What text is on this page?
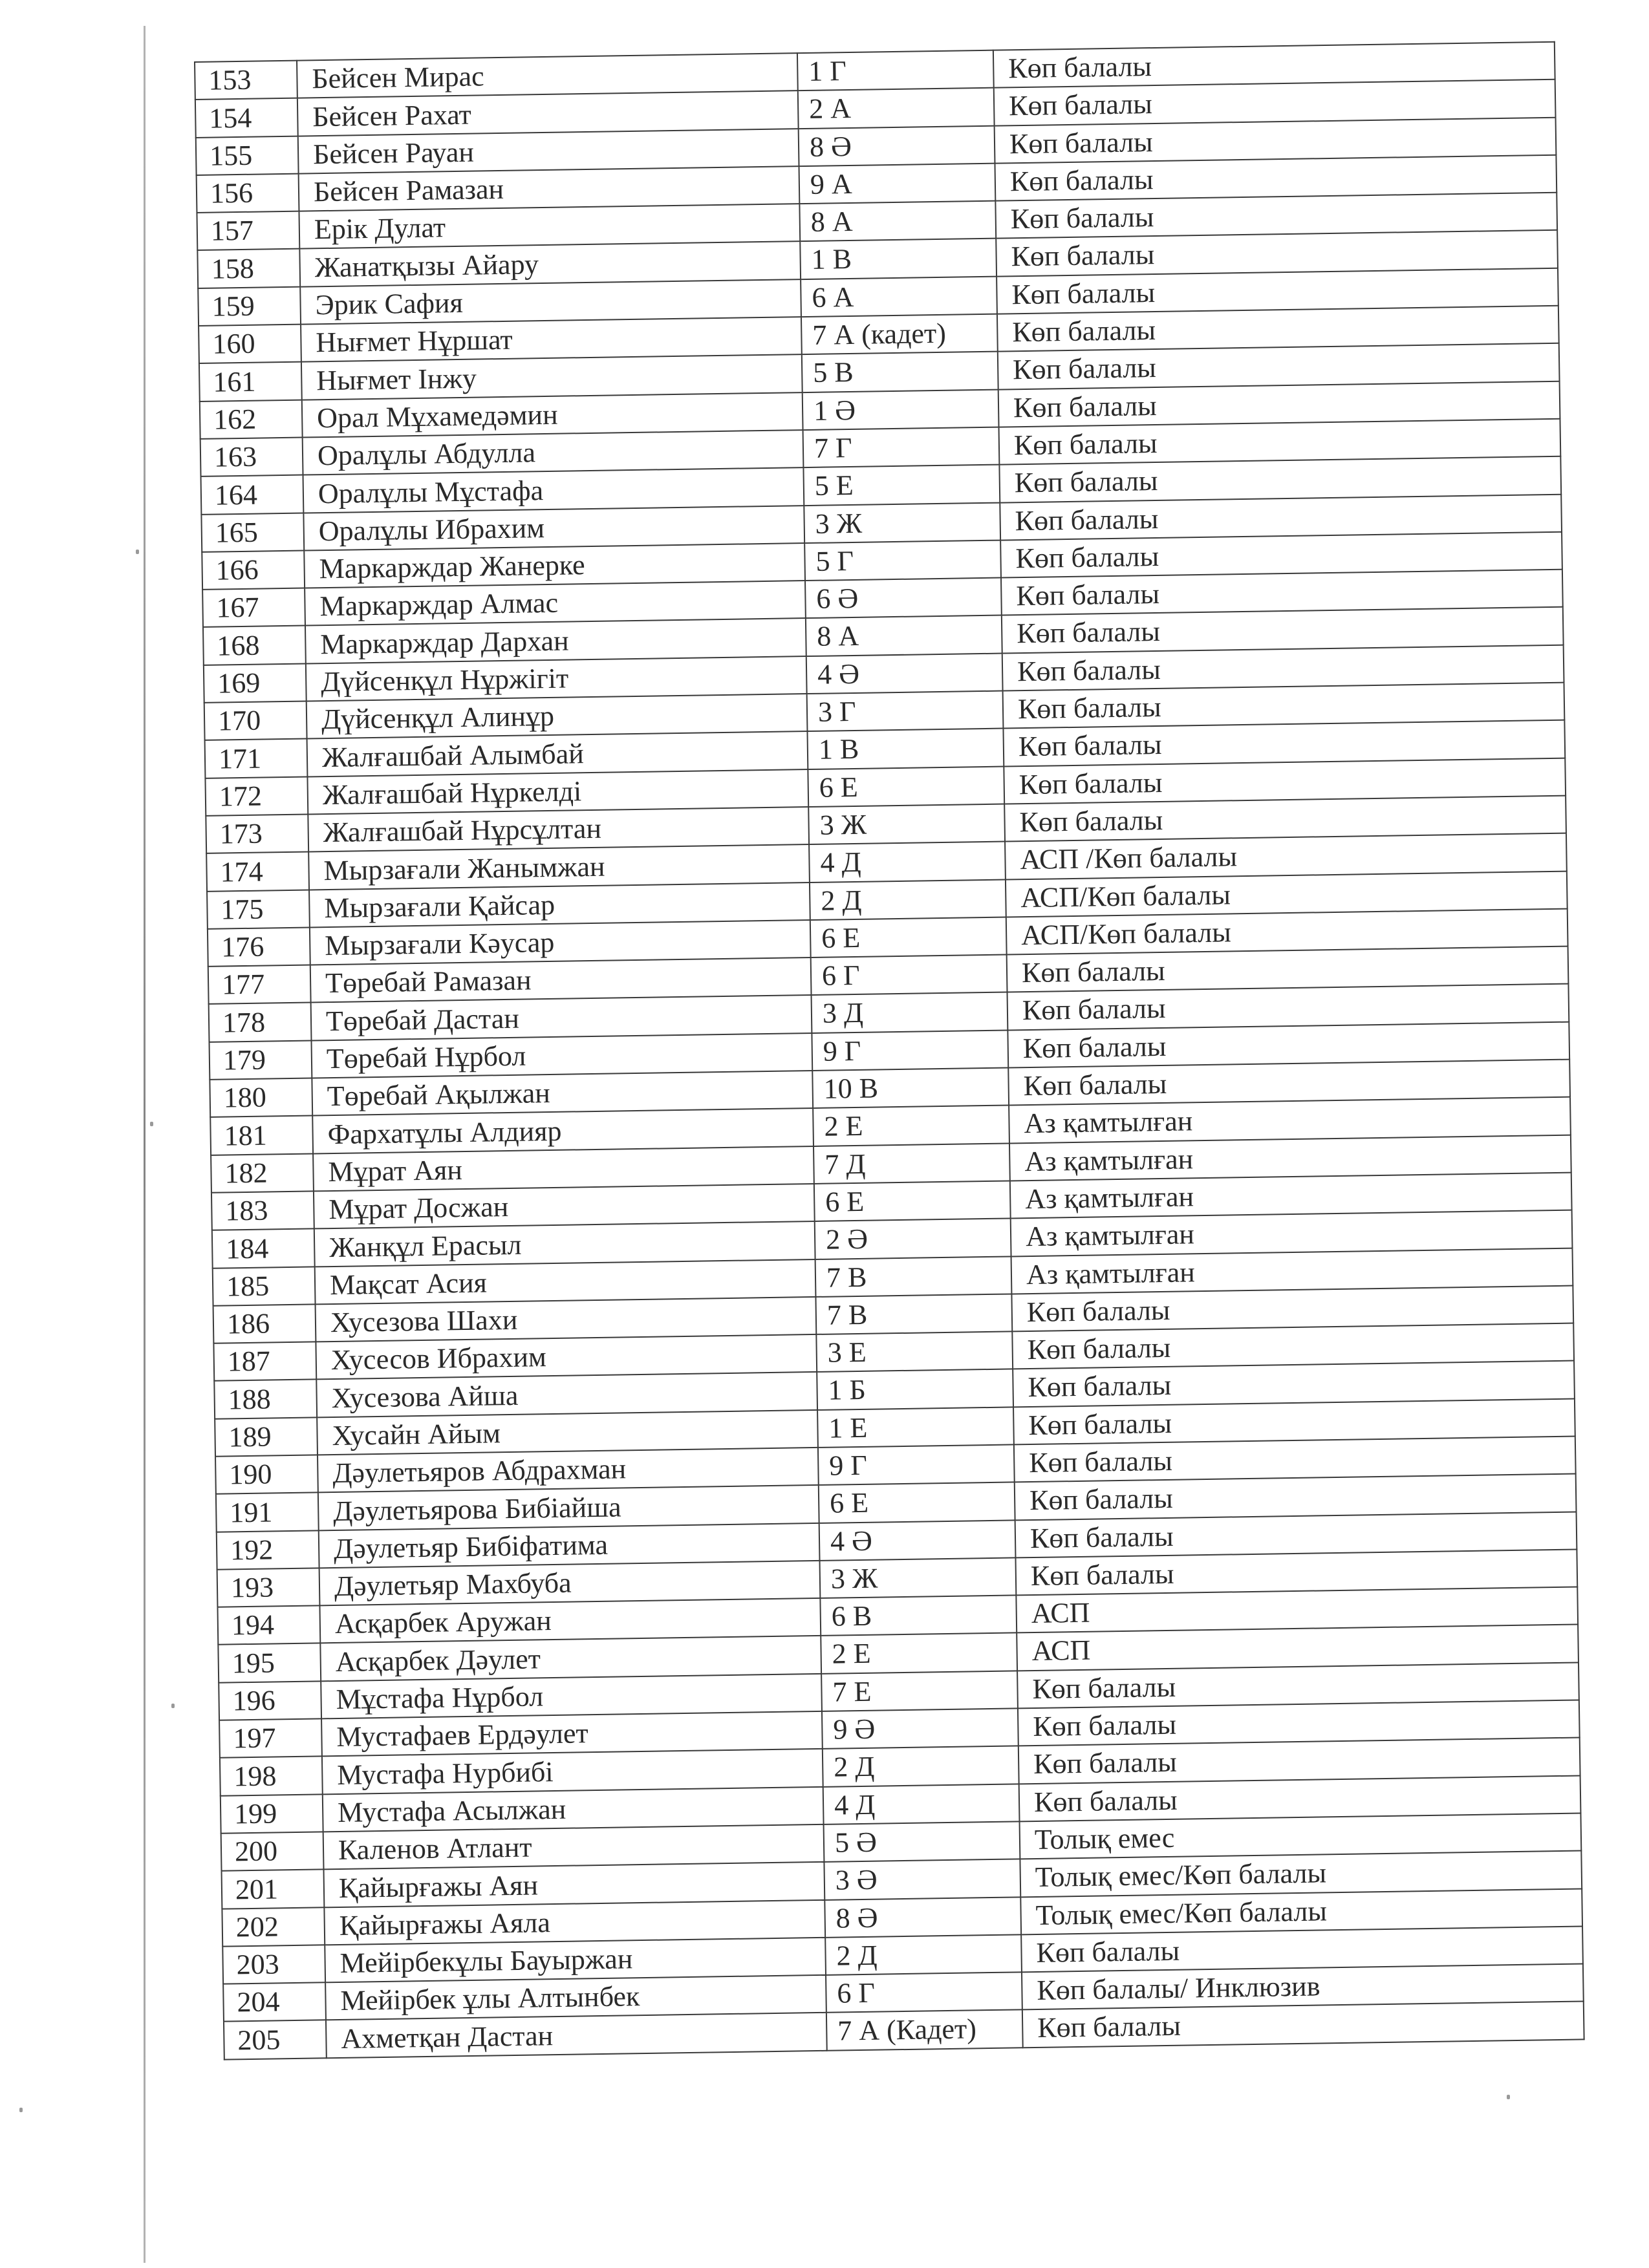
153	Бейсен Мирас	1 Г	Көп балалы
154	Бейсен Рахат	2 А	Көп балалы
155	Бейсен Рауан	8 Ә	Көп балалы
156	Бейсен Рамазан	9 А	Көп балалы
157	Ерік Дулат	8 А	Көп балалы
158	Жанатқызы Айару	1 В	Көп балалы
159	Эрик Сафия	6 А	Көп балалы
160	Нығмет Нұршат	7 А (кадет)	Көп балалы
161	Нығмет Інжу	5 В	Көп балалы
162	Орал Мұхамедәмин	1 Ә	Көп балалы
163	Оралұлы Абдулла	7 Г	Көп балалы
164	Оралұлы Мұстафа	5 Е	Көп балалы
165	Оралұлы Ибрахим	3 Ж	Көп балалы
166	Маркарждар Жанерке	5 Г	Көп балалы
167	Маркарждар Алмас	6 Ә	Көп балалы
168	Маркарждар Дархан	8 А	Көп балалы
169	Дүйсенқұл Нұржігіт	4 Ә	Көп балалы
170	Дүйсенқұл Алинұр	3 Г	Көп балалы
171	Жалғашбай Алымбай	1 В	Көп балалы
172	Жалғашбай Нұркелді	6 Е	Көп балалы
173	Жалғашбай Нұрсұлтан	3 Ж	Көп балалы
174	Мырзағали Жанымжан	4 Д	АСП /Көп балалы
175	Мырзағали Қайсар	2 Д	АСП/Көп балалы
176	Мырзағали Кәусар	6 Е	АСП/Көп балалы
177	Төребай Рамазан	6 Г	Көп балалы
178	Төребай Дастан	3 Д	Көп балалы
179	Төребай Нұрбол	9 Г	Көп балалы
180	Төребай Ақылжан	10 В	Көп балалы
181	Фархатұлы Алдияр	2 Е	Аз қамтылған
182	Мұрат Аян	7 Д	Аз қамтылған
183	Мұрат Досжан	6 Е	Аз қамтылған
184	Жанқұл Ерасыл	2 Ә	Аз қамтылған
185	Мақсат Асия	7 В	Аз қамтылған
186	Хусезова Шахи	7 В	Көп балалы
187	Хусесов Ибрахим	3 Е	Көп балалы
188	Хусезова Айша	1 Б	Көп балалы
189	Хусайн Айым	1 Е	Көп балалы
190	Дәулетьяров Абдрахман	9 Г	Көп балалы
191	Дәулетьярова Бибіайша	6 Е	Көп балалы
192	Дәулетьяр Бибіфатима	4 Ә	Көп балалы
193	Дәулетьяр Махбуба	3 Ж	Көп балалы
194	Асқарбек Аружан	6 В	АСП
195	Асқарбек Дәулет	2 Е	АСП
196	Мұстафа Нұрбол	7 Е	Көп балалы
197	Мустафаев Ердәулет	9 Ә	Көп балалы
198	Мустафа Нурбибі	2 Д	Көп балалы
199	Мустафа Асылжан	4 Д	Көп балалы
200	Каленов Атлант	5 Ә	Толық емес
201	Қайырғажы Аян	3 Ә	Толық емес/Көп балалы
202	Қайырғажы Аяла	8 Ә	Толық емес/Көп балалы
203	Мейірбекұлы Бауыржан	2 Д	Көп балалы
204	Мейірбек ұлы Алтынбек	6 Г	Көп балалы/ Инклюзив
205	Ахметқан Дастан	7 А (Кадет)	Көп балалы
